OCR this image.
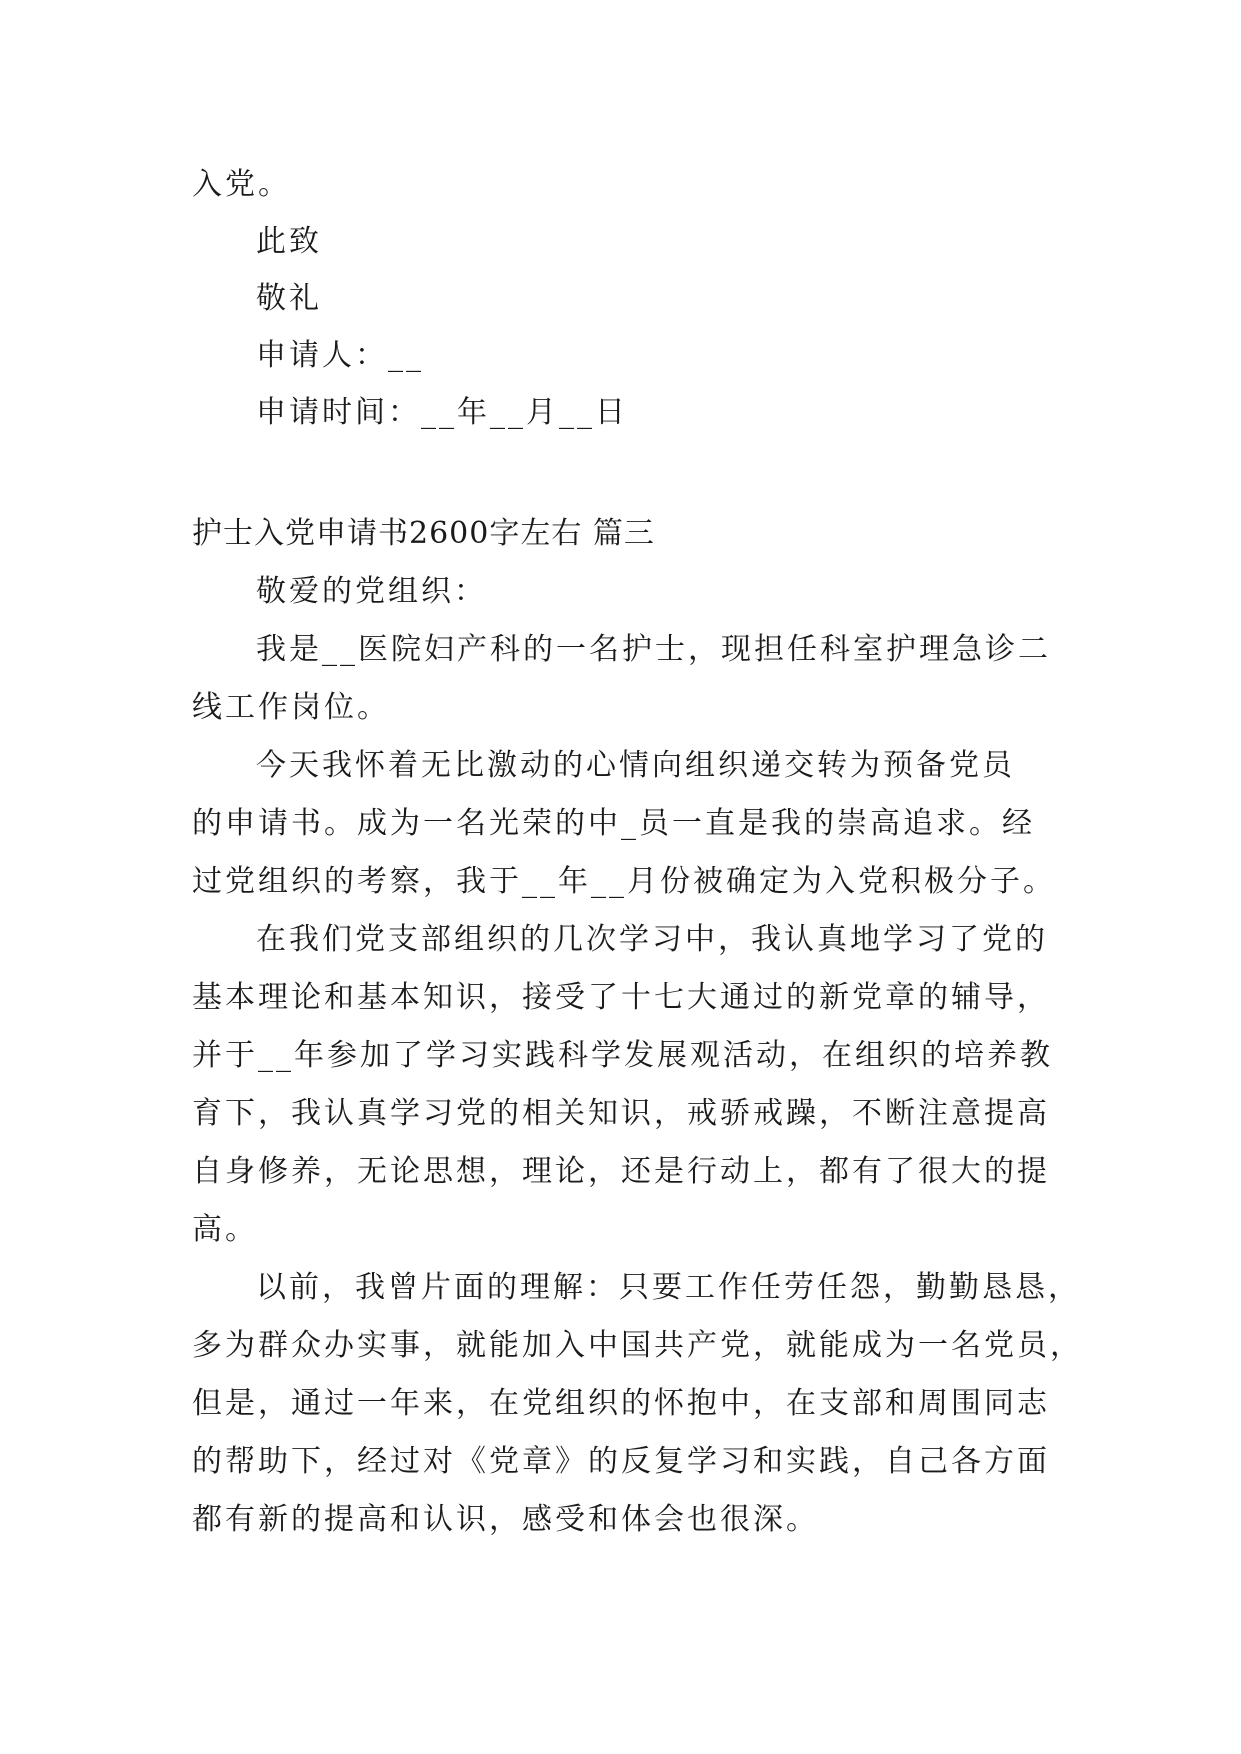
入党。
此致
敬礼
申请人：__
申请时间：__年__月__日
护士入党申请书2600字左右 篇三
敬爱的党组织：
我是__医院妇产科的一名护士，现担任科室护理急诊二
线工作岗位。
今天我怀着无比激动的心情向组织递交转为预备党员
的申请书。成为一名光荣的中_员一直是我的崇高追求。经
过党组织的考察，我于__年__月份被确定为入党积极分子。
在我们党支部组织的几次学习中，我认真地学习了党的
基本理论和基本知识，接受了十七大通过的新党章的辅导，
并于__年参加了学习实践科学发展观活动，在组织的培养教
育下，我认真学习党的相关知识，戒骄戒躁，不断注意提高
自身修养，无论思想，理论，还是行动上，都有了很大的提
高。
以前，我曾片面的理解：只要工作任劳任怨，勤勤恳恳，
多为群众办实事，就能加入中国共产党，就能成为一名党员，
但是，通过一年来，在党组织的怀抱中，在支部和周围同志
的帮助下，经过对《党章》的反复学习和实践，自己各方面
都有新的提高和认识，感受和体会也很深。
